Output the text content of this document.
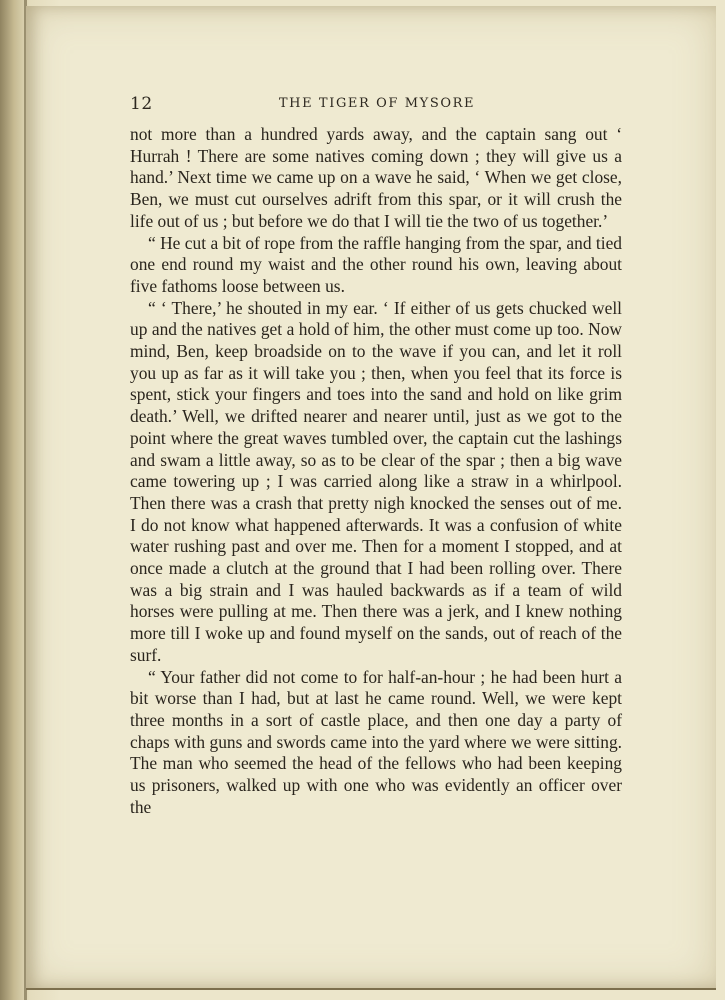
12	THE TIGER OF MYSORE

not more than a hundred yards away, and the captain sang out ‘ Hurrah ! There are some natives coming down ; they will give us a hand.’ Next time we came up on a wave he said, ‘ When we get close, Ben, we must cut ourselves adrift from this spar, or it will crush the life out of us ; but before we do that I will tie the two of us together.’

“ He cut a bit of rope from the raffle hanging from the spar, and tied one end round my waist and the other round his own, leaving about five fathoms loose between us.

“ ‘ There,’ he shouted in my ear. ‘ If either of us gets chucked well up and the natives get a hold of him, the other must come up too. Now mind, Ben, keep broadside on to the wave if you can, and let it roll you up as far as it will take you ; then, when you feel that its force is spent, stick your fingers and toes into the sand and hold on like grim death.’ Well, we drifted nearer and nearer until, just as we got to the point where the great waves tumbled over, the captain cut the lashings and swam a little away, so as to be clear of the spar ; then a big wave came towering up ; I was carried along like a straw in a whirlpool. Then there was a crash that pretty nigh knocked the senses out of me. I do not know what happened afterwards. It was a confusion of white water rushing past and over me. Then for a moment I stopped, and at once made a clutch at the ground that I had been rolling over. There was a big strain and I was hauled backwards as if a team of wild horses were pulling at me. Then there was a jerk, and I knew nothing more till I woke up and found myself on the sands, out of reach of the surf.

“ Your father did not come to for half-an-hour ; he had been hurt a bit worse than I had, but at last he came round. Well, we were kept three months in a sort of castle place, and then one day a party of chaps with guns and swords came into the yard where we were sitting. The man who seemed the head of the fellows who had been keeping us prisoners, walked up with one who was evidently an officer over the
